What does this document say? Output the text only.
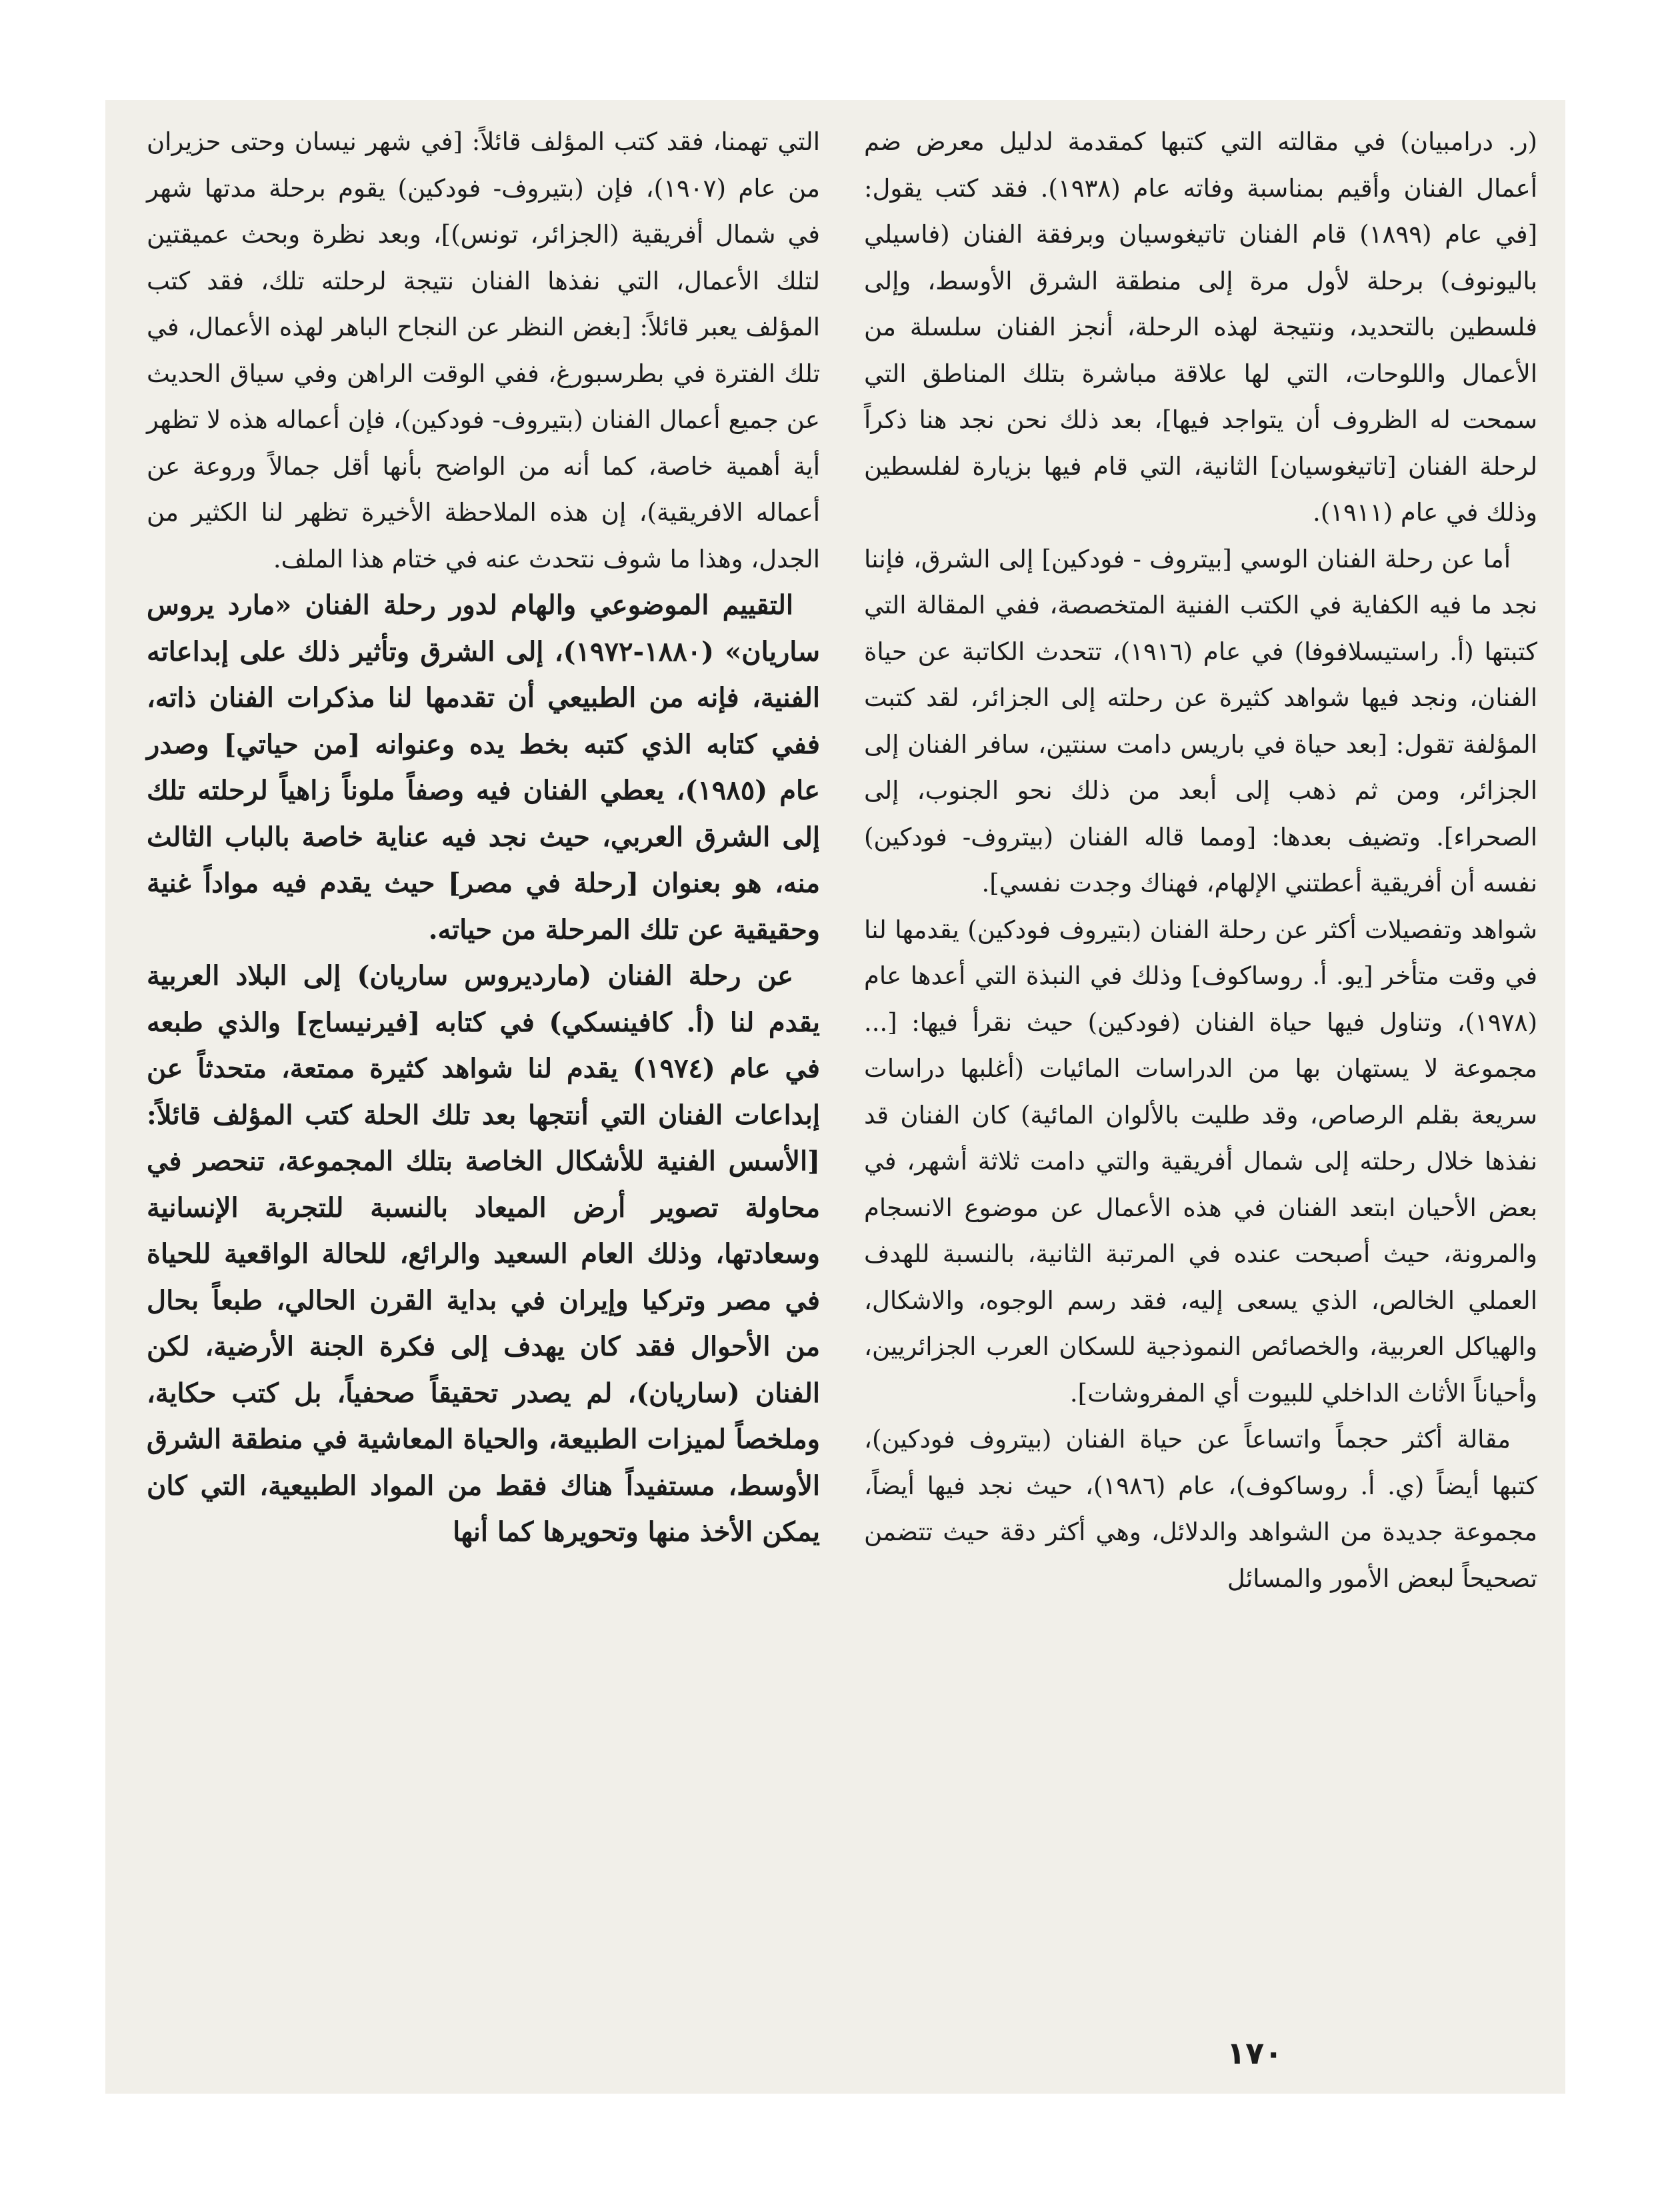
(ر. درامبيان) في مقالته التي كتبها كمقدمة لدليل معرض ضم أعمال الفنان وأقيم بمناسبة وفاته عام (١٩٣٨). فقد كتب يقول: [في عام (١٨٩٩) قام الفنان تاتيغوسيان وبرفقة الفنان (فاسيلي باليونوف) برحلة لأول مرة إلى منطقة الشرق الأوسط، وإلى فلسطين بالتحديد، ونتيجة لهذه الرحلة، أنجز الفنان سلسلة من الأعمال واللوحات، التي لها علاقة مباشرة بتلك المناطق التي سمحت له الظروف أن يتواجد فيها]، بعد ذلك نحن نجد هنا ذكراً لرحلة الفنان [تاتيغوسيان] الثانية، التي قام فيها بزيارة لفلسطين وذلك في عام (١٩١١).

أما عن رحلة الفنان الوسي [بيتروف - فودكين] إلى الشرق، فإننا نجد ما فيه الكفاية في الكتب الفنية المتخصصة، ففي المقالة التي كتبتها (أ. راستيسلافوفا) في عام (١٩١٦)، تتحدث الكاتبة عن حياة الفنان، ونجد فيها شواهد كثيرة عن رحلته إلى الجزائر، لقد كتبت المؤلفة تقول: [بعد حياة في باريس دامت سنتين، سافر الفنان إلى الجزائر، ومن ثم ذهب إلى أبعد من ذلك نحو الجنوب، إلى الصحراء]. وتضيف بعدها: [ومما قاله الفنان (بيتروف- فودكين) نفسه أن أفريقية أعطتني الإلهام، فهناك وجدت نفسي].

شواهد وتفصيلات أكثر عن رحلة الفنان (بتيروف فودكين) يقدمها لنا في وقت متأخر [يو. أ. روساكوف] وذلك في النبذة التي أعدها عام (١٩٧٨)، وتناول فيها حياة الفنان (فودكين) حيث نقرأ فيها: [... مجموعة لا يستهان بها من الدراسات المائيات (أغلبها دراسات سريعة بقلم الرصاص، وقد طليت بالألوان المائية) كان الفنان قد نفذها خلال رحلته إلى شمال أفريقية والتي دامت ثلاثة أشهر، في بعض الأحيان ابتعد الفنان في هذه الأعمال عن موضوع الانسجام والمرونة، حيث أصبحت عنده في المرتبة الثانية، بالنسبة للهدف العملي الخالص، الذي يسعى إليه، فقد رسم الوجوه، والاشكال، والهياكل العربية، والخصائص النموذجية للسكان العرب الجزائريين، وأحياناً الأثاث الداخلي للبيوت أي المفروشات].

مقالة أكثر حجماً واتساعاً عن حياة الفنان (بيتروف فودكين)، كتبها أيضاً (ي. أ. روساكوف)، عام (١٩٨٦)، حيث نجد فيها أيضاً، مجموعة جديدة من الشواهد والدلائل، وهي أكثر دقة حيث تتضمن تصحيحاً لبعض الأمور والمسائل

التي تهمنا، فقد كتب المؤلف قائلاً: [في شهر نيسان وحتى حزيران من عام (١٩٠٧)، فإن (بتيروف- فودكين) يقوم برحلة مدتها شهر في شمال أفريقية (الجزائر، تونس)]، وبعد نظرة وبحث عميقتين لتلك الأعمال، التي نفذها الفنان نتيجة لرحلته تلك، فقد كتب المؤلف يعبر قائلاً: [بغض النظر عن النجاح الباهر لهذه الأعمال، في تلك الفترة في بطرسبورغ، ففي الوقت الراهن وفي سياق الحديث عن جميع أعمال الفنان (بتيروف- فودكين)، فإن أعماله هذه لا تظهر أية أهمية خاصة، كما أنه من الواضح بأنها أقل جمالاً وروعة عن أعماله الافريقية)، إن هذه الملاحظة الأخيرة تظهر لنا الكثير من الجدل، وهذا ما شوف نتحدث عنه في ختام هذا الملف.

التقييم الموضوعي والهام لدور رحلة الفنان «مارد يروس ساريان» (١٨٨٠-١٩٧٢)، إلى الشرق وتأثير ذلك على إبداعاته الفنية، فإنه من الطبيعي أن تقدمها لنا مذكرات الفنان ذاته، ففي كتابه الذي كتبه بخط يده وعنوانه [من حياتي] وصدر عام (١٩٨٥)، يعطي الفنان فيه وصفاً ملوناً زاهياً لرحلته تلك إلى الشرق العربي، حيث نجد فيه عناية خاصة بالباب الثالث منه، هو بعنوان [رحلة في مصر] حيث يقدم فيه مواداً غنية وحقيقية عن تلك المرحلة من حياته.

عن رحلة الفنان (مارديروس ساريان) إلى البلاد العربية يقدم لنا (أ. كافينسكي) في كتابه [فيرنيساج] والذي طبعه في عام (١٩٧٤) يقدم لنا شواهد كثيرة ممتعة، متحدثاً عن إبداعات الفنان التي أنتجها بعد تلك الحلة كتب المؤلف قائلاً: [الأسس الفنية للأشكال الخاصة بتلك المجموعة، تنحصر في محاولة تصوير أرض الميعاد بالنسبة للتجربة الإنسانية وسعادتها، وذلك العام السعيد والرائع، للحالة الواقعية للحياة في مصر وتركيا وإيران في بداية القرن الحالي، طبعاً بحال من الأحوال فقد كان يهدف إلى فكرة الجنة الأرضية، لكن الفنان (ساريان)، لم يصدر تحقيقاً صحفياً، بل كتب حكاية، وملخصاً لميزات الطبيعة، والحياة المعاشية في منطقة الشرق الأوسط، مستفيداً هناك فقط من المواد الطبيعية، التي كان يمكن الأخذ منها وتحويرها كما أنها

١٧٠
